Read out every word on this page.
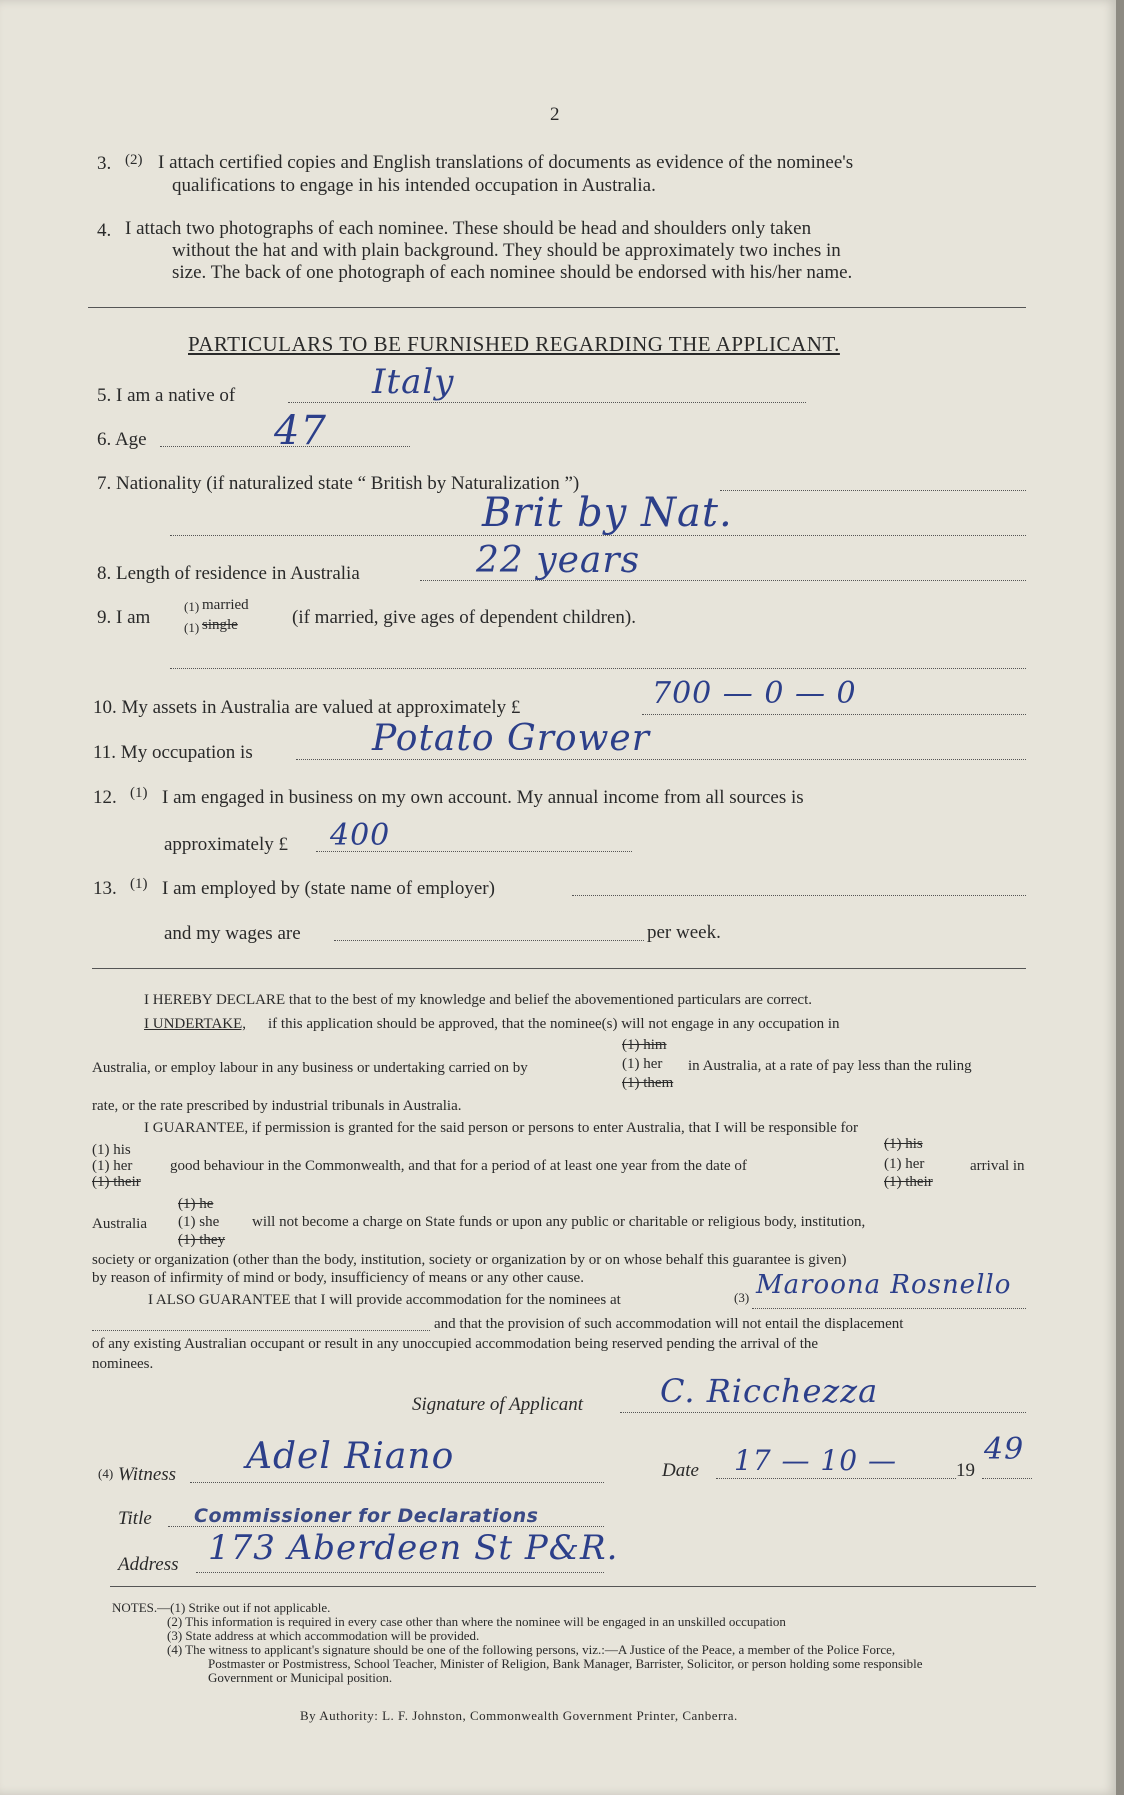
2
3. (2) I attach certified copies and English translations of documents as evidence of the nominee's
qualifications to engage in his intended occupation in Australia.
4. I attach two photographs of each nominee. These should be head and shoulders only taken
without the hat and with plain background. They should be approximately two inches in
size. The back of one photograph of each nominee should be endorsed with his/her name.
PARTICULARS TO BE FURNISHED REGARDING THE APPLICANT.
5. I am a native of	Italy
6. Age	47
7. Nationality (if naturalized state “ British by Naturalization ”)
Brit by Nat.
8. Length of residence in Australia	22 years
9. I am
(1)
(1)
married
single	(if married, give ages of dependent children).
10. My assets in Australia are valued at approximately £	700 — 0 — 0
11. My occupation is	Potato Grower
12. (1) I am engaged in business on my own account. My annual income from all sources is
approximately £ 400
13. (1) I am employed by (state name of employer)
and my wages are	per week.
I HEREBY DECLARE that to the best of my knowledge and belief the abovementioned particulars are correct.
I UNDERTAKE, if this application should be approved, that the nominee(s) will not engage in any occupation in
(1) him
Australia, or employ labour in any business or undertaking carried on by	(1) her in Australia, at a rate of pay less than the ruling
(1) them
rate, or the rate prescribed by industrial tribunals in Australia.
I GUARANTEE, if permission is granted for the said person or persons to enter Australia, that I will be responsible for
(1) his
(1) her
(1) their
good behaviour in the Commonwealth, and that for a period of at least one year from the date of
(1) his
(1) her
(1) their
arrival in
(1) he
Australia (1) she will not become a charge on State funds or upon any public or charitable or religious body, institution,
(1) they
society or organization (other than the body, institution, society or organization by or on whose behalf this guarantee is given)
by reason of infirmity of mind or body, insufficiency of means or any other cause.
I ALSO GUARANTEE that I will provide accommodation for the nominees at	(3) Maroona Rosnello
and that the provision of such accommodation will not entail the displacement
of any existing Australian occupant or result in any unoccupied accommodation being reserved pending the arrival of the
nominees.
Signature of Applicant C. Ricchezza
(4) Witness Adel Riano	Date 17 — 10 —	19
49
Title Commissioner for Declarations
Address 173 Aberdeen St P&R.
NOTES.—(1) Strike out if not applicable.
(2) This information is required in every case other than where the nominee will be engaged in an unskilled occupation
(3) State address at which accommodation will be provided.
(4) The witness to applicant's signature should be one of the following persons, viz.:—A Justice of the Peace, a member of the Police Force,
Postmaster or Postmistress, School Teacher, Minister of Religion, Bank Manager, Barrister, Solicitor, or person holding some responsible
Government or Municipal position.
By Authority: L. F. Johnston, Commonwealth Government Printer, Canberra.
